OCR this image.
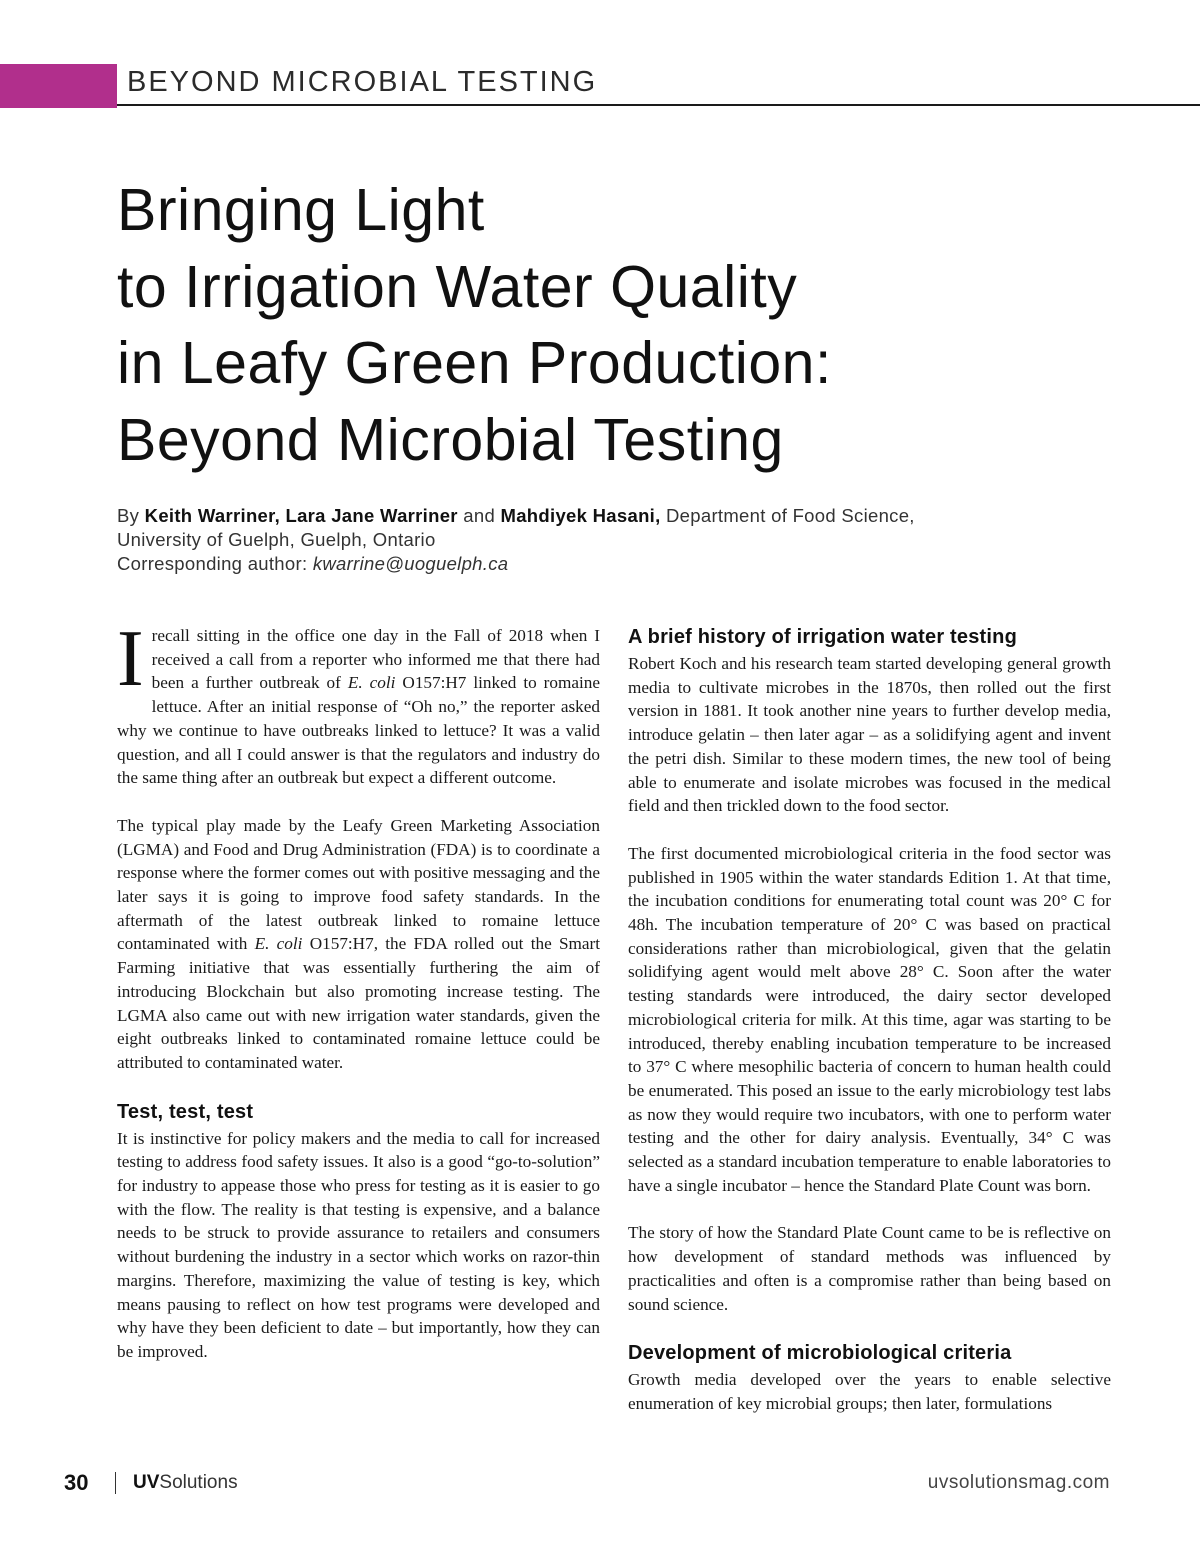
BEYOND MICROBIAL TESTING
Bringing Light
to Irrigation Water Quality
in Leafy Green Production:
Beyond Microbial Testing
By Keith Warriner, Lara Jane Warriner and Mahdiyek Hasani, Department of Food Science,
University of Guelph, Guelph, Ontario
Corresponding author: kwarrine@uoguelph.ca

Irecall sitting in the office one day in the Fall of 2018 when I received a call from a reporter who informed me that there had been a further outbreak of E. coli O157:H7 linked to romaine lettuce. After an initial response of “Oh no,” the reporter asked why we continue to have outbreaks linked to lettuce? It was a valid question, and all I could answer is that the regulators and industry do the same thing after an outbreak but expect a different outcome.

The typical play made by the Leafy Green Marketing Association (LGMA) and Food and Drug Administration (FDA) is to coordinate a response where the former comes out with positive messaging and the later says it is going to improve food safety standards. In the aftermath of the latest outbreak linked to romaine lettuce contaminated with E. coli O157:H7, the FDA rolled out the Smart Farming initiative that was essentially furthering the aim of introducing Blockchain but also promoting increase testing. The LGMA also came out with new irrigation water standards, given the eight outbreaks linked to contaminated romaine lettuce could be attributed to contaminated water.

Test, test, test

It is instinctive for policy makers and the media to call for increased testing to address food safety issues. It also is a good “go-to-solution” for industry to appease those who press for testing as it is easier to go with the flow. The reality is that testing is expensive, and a balance needs to be struck to provide assurance to retailers and consumers without burdening the industry in a sector which works on razor-thin margins. Therefore, maximizing the value of testing is key, which means pausing to reflect on how test programs were developed and why have they been deficient to date – but importantly, how they can be improved.

A brief history of irrigation water testing

Robert Koch and his research team started developing general growth media to cultivate microbes in the 1870s, then rolled out the first version in 1881. It took another nine years to further develop media, introduce gelatin – then later agar – as a solidifying agent and invent the petri dish. Similar to these modern times, the new tool of being able to enumerate and isolate microbes was focused in the medical field and then trickled down to the food sector.

The first documented microbiological criteria in the food sector was published in 1905 within the water standards Edition 1. At that time, the incubation conditions for enumerating total count was 20° C for 48h. The incubation temperature of 20° C was based on practical considerations rather than microbiological, given that the gelatin solidifying agent would melt above 28° C. Soon after the water testing standards were introduced, the dairy sector developed microbiological criteria for milk. At this time, agar was starting to be introduced, thereby enabling incubation temperature to be increased to 37° C where mesophilic bacteria of concern to human health could be enumerated. This posed an issue to the early microbiology test labs as now they would require two incubators, with one to perform water testing and the other for dairy analysis. Eventually, 34° C was selected as a standard incubation temperature to enable laboratories to have a single incubator – hence the Standard Plate Count was born.

The story of how the Standard Plate Count came to be is reflective on how development of standard methods was influenced by practicalities and often is a compromise rather than being based on sound science.

Development of microbiological criteria

Growth media developed over the years to enable selective enumeration of key microbial groups; then later, formulations

30 UVSolutions	uvsolutionsmag.com
